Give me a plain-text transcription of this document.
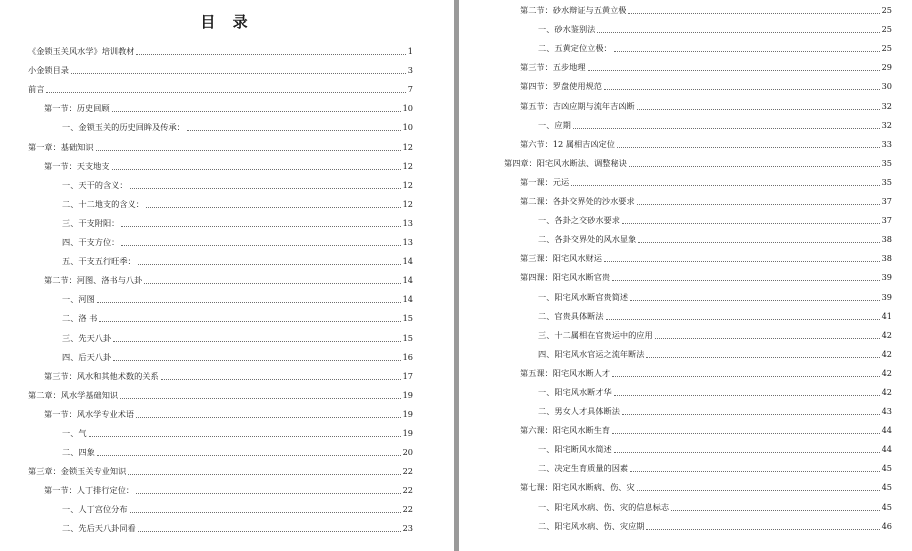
目 录
《金锁玉关风水学》培训教材	1
小金锁目录	3
前言	7
第一节：历史回顾	10
一、金锁玉关的历史回眸及传承：	10
第一章：基础知识	12
第一节：天支地支	12
一、天干的含义：	12
二、十二地支的含义：	12
三、干支附阳：	13
四、干支方位：	13
五、干支五行旺季：	14
第二节：河图、洛书与八卦	14
一、河图	14
二、洛 书	15
三、先天八卦	15
四、后天八卦	16
第三节：风水和其他术数的关系	17
第二章：风水学基础知识	19
第一节：风水学专业术语	19
一、气	19
二、四象	20
第三章：金锁玉关专业知识	22
第一节：人丁排行定位：	22
一、人丁宫位分布	22
二、先后天八卦同看	23
第二节：砂水辩证与五黄立极	25
一、砂水鉴别法	25
二、五黄定位立极：	25
第三节：五步地理	29
第四节：罗盘使用规范	30
第五节：吉凶应期与流年吉凶断	32
一、应期	32
第六节：12 属相吉凶定位	33
第四章：阳宅风水断法、调整秘诀	35
第一课：元运	35
第二课：各卦交界处的沙水要求	37
一、各卦之交砂水要求	37
二、各卦交界处的风水显象	38
第三课：阳宅风水财运	38
第四课：阳宅风水断官贵	39
一、阳宅风水断官贵简述	39
二、官贵具体断法	41
三、十二属相在官贵运中的应用	42
四、阳宅风水官运之流年断法	42
第五课：阳宅风水断人才	42
一、阳宅风水断才华	42
二、男女人才具体断法	43
第六课：阳宅风水断生育	44
一、阳宅断风水简述	44
二、决定生育质量的因素	45
第七课：阳宅风水断病、伤、灾	45
一、阳宅风水病、伤、灾的信息标志	45
二、阳宅风水病、伤、灾应期	46
